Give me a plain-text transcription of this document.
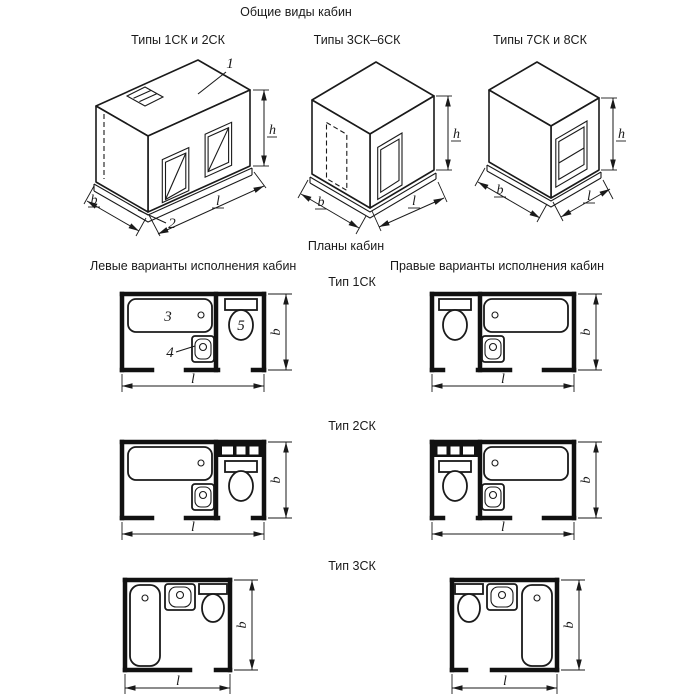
Общие виды кабин
Типы 1СК и 2СК	Типы 3СК–6СК	Типы 7СК и 8СК
1
2
h
l
b
h
l
b
h
b	l
Планы кабин
Левые варианты исполнения кабин	Правые варианты исполнения кабин
Тип 1СК
3
4
5 b
l
b
l
Тип 2СК
b
l
b
l
Тип 3СК
b
l
b
l
